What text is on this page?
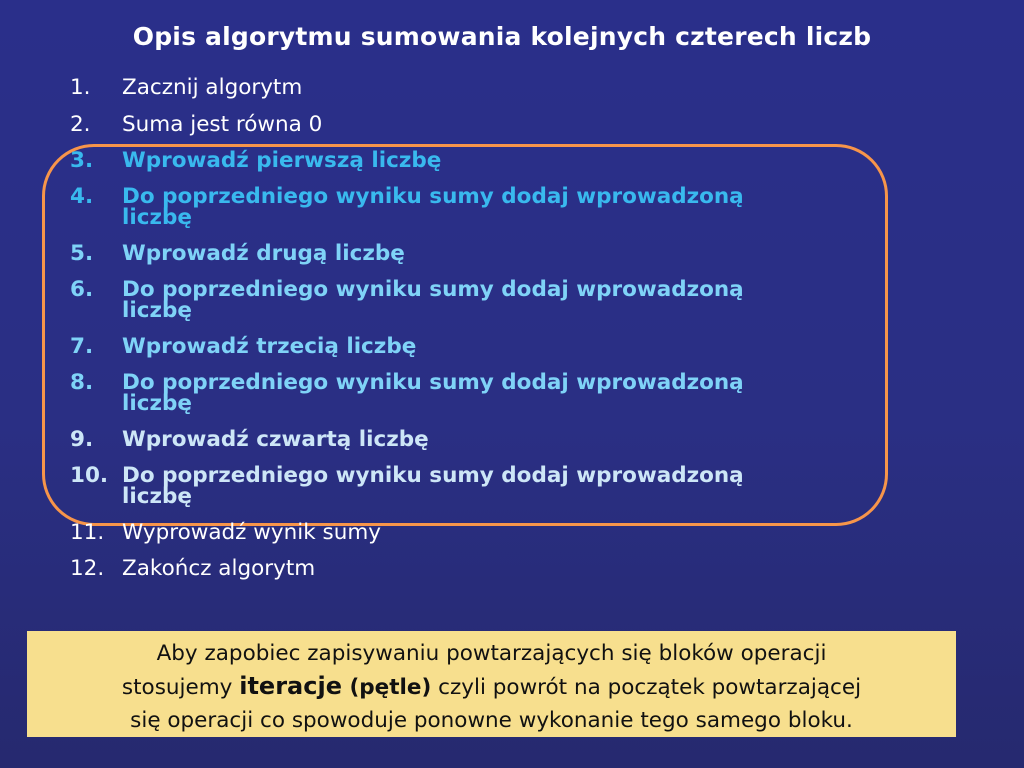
Opis algorytmu sumowania kolejnych czterech liczb
1. Zacznij algorytm
2. Suma jest równa 0
3. Wprowadź pierwszą liczbę
4. Do poprzedniego wyniku sumy dodaj wprowadzoną
liczbę
5. Wprowadź drugą liczbę
6. Do poprzedniego wyniku sumy dodaj wprowadzoną
liczbę
7. Wprowadź trzecią liczbę
8. Do poprzedniego wyniku sumy dodaj wprowadzoną
liczbę
9. Wprowadź czwartą liczbę
10. Do poprzedniego wyniku sumy dodaj wprowadzoną
liczbę
11. Wyprowadź wynik sumy
12. Zakończ algorytm
Aby zapobiec zapisywaniu powtarzających się bloków operacji
stosujemy iteracje (pętle) czyli powrót na początek powtarzającej
się operacji co spowoduje ponowne wykonanie tego samego bloku.
